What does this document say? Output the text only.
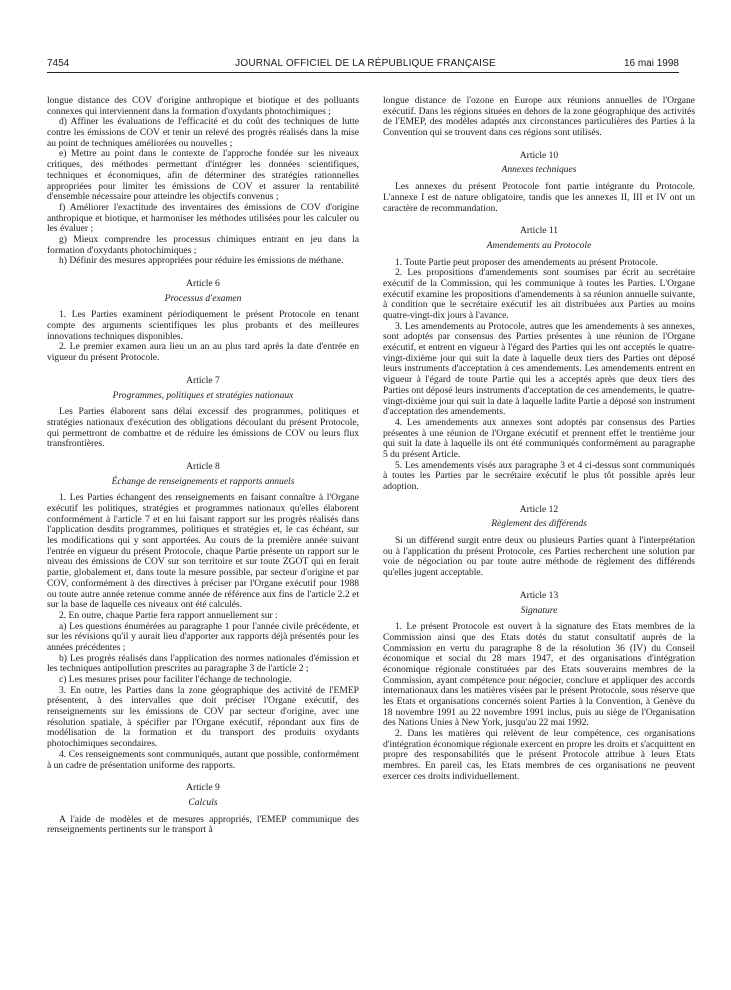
7454	JOURNAL OFFICIEL DE LA RÉPUBLIQUE FRANÇAISE	16 mai 1998

longue distance des COV d'origine anthropique et biotique et des polluants connexes qui interviennent dans la formation d'oxydants photochimiques ;

d) Affiner les évaluations de l'efficacité et du coût des techniques de lutte contre les émissions de COV et tenir un relevé des progrès réalisés dans la mise au point de techniques améliorées ou nouvelles ;

e) Mettre au point dans le contexte de l'approche fondée sur les niveaux critiques, des méthodes permettant d'intégrer les données scientifiques, techniques et économiques, afin de déterminer des stratégies rationnelles appropriées pour limiter les émissions de COV et assurer la rentabilité d'ensemble nécessaire pour atteindre les objectifs convenus ;

f) Améliorer l'exactitude des inventaires des émissions de COV d'origine anthropique et biotique, et harmoniser les méthodes utilisées pour les calculer ou les évaluer ;

g) Mieux comprendre les processus chimiques entrant en jeu dans la formation d'oxydants photochimiques ;

h) Définir des mesures appropriées pour réduire les émissions de méthane.

Article 6
Processus d'examen

1. Les Parties examinent périodiquement le présent Protocole en tenant compte des arguments scientifiques les plus probants et des meilleures innovations techniques disponibles.

2. Le premier examen aura lieu un an au plus tard après la date d'entrée en vigueur du présent Protocole.

Article 7
Programmes, politiques et stratégies nationaux

Les Parties élaborent sans délai excessif des programmes, politiques et stratégies nationaux d'exécution des obligations découlant du présent Protocole, qui permettront de combattre et de réduire les émissions de COV ou leurs flux transfrontières.

Article 8
Échange de renseignements et rapports annuels

1. Les Parties échangent des renseignements en faisant connaître à l'Organe exécutif les politiques, stratégies et programmes nationaux qu'elles élaborent conformément à l'article 7 et en lui faisant rapport sur les progrès réalisés dans l'application desdits programmes, politiques et stratégies et, le cas échéant, sur les modifications qui y sont apportées. Au cours de la première année suivant l'entrée en vigueur du présent Protocole, chaque Partie présente un rapport sur le niveau des émissions de COV sur son territoire et sur toute ZGOT qui en ferait partie, globalement et, dans toute la mesure possible, par secteur d'origine et par COV, conformément à des directives à préciser par l'Organe exécutif pour 1988 ou toute autre année retenue comme année de référence aux fins de l'article 2.2 et sur la base de laquelle ces niveaux ont été calculés.

2. En outre, chaque Partie fera rapport annuellement sur :

a) Les questions énumérées au paragraphe 1 pour l'année civile précédente, et sur les révisions qu'il y aurait lieu d'apporter aux rapports déjà présentés pour les années précédentes ;

b) Les progrès réalisés dans l'application des normes nationales d'émission et les techniques antipollution prescrites au paragraphe 3 de l'article 2 ;

c) Les mesures prises pour faciliter l'échange de technologie.

3. En outre, les Parties dans la zone géographique des activité de l'EMEP présentent, à des intervalles que doit préciser l'Organe exécutif, des renseignements sur les émissions de COV par secteur d'origine, avec une résolution spatiale, à spécifier par l'Organe exécutif, répondant aux fins de modélisation de la formation et du transport des produits oxydants photochimiques secondaires.

4. Ces renseignements sont communiqués, autant que possible, conformément à un cadre de présentation uniforme des rapports.

Article 9
Calculs

A l'aide de modèles et de mesures appropriés, l'EMEP communique des renseignements pertinents sur le transport à

longue distance de l'ozone en Europe aux réunions annuelles de l'Organe exécutif. Dans les régions situées en dehors de la zone géographique des activités de l'EMEP, des modèles adaptés aux circonstances particulières des Parties à la Convention qui se trouvent dans ces régions sont utilisés.

Article 10
Annexes techniques

Les annexes du présent Protocole font partie intégrante du Protocole. L'annexe I est de nature obligatoire, tandis que les annexes II, III et IV ont un caractère de recommandation.

Article 11
Amendements au Protocole

1. Toute Partie peut proposer des amendements au présent Protocole.

2. Les propositions d'amendements sont soumises par écrit au secrétaire exécutif de la Commission, qui les communique à toutes les Parties. L'Organe exécutif examine les propositions d'amendements à sa réunion annuelle suivante, à condition que le secrétaire exécutif les ait distribuées aux Parties au moins quatre-vingt-dix jours à l'avance.

3. Les amendements au Protocole, autres que les amendements à ses annexes, sont adoptés par consensus des Parties présentes à une réunion de l'Organe exécutif, et entrent en vigueur à l'égard des Parties qui les ont acceptés le quatre-vingt-dixième jour qui suit la date à laquelle deux tiers des Parties ont déposé leurs instruments d'acceptation à ces amendements. Les amendements entrent en vigueur à l'égard de toute Partie qui les a acceptés après que deux tiers des Parties ont déposé leurs instruments d'acceptation de ces amendements, le quatre-vingt-dixième jour qui suit la date à laquelle ladite Partie a déposé son instrument d'acceptation des amendements.

4. Les amendements aux annexes sont adoptés par consensus des Parties présentes à une réunion de l'Organe exécutif et prennent effet le trentième jour qui suit la date à laquelle ils ont été communiqués conformément au paragraphe 5 du présent Article.

5. Les amendements visés aux paragraphe 3 et 4 ci-dessus sont communiqués à toutes les Parties par le secrétaire exécutif le plus tôt possible après leur adoption.

Article 12
Règlement des différends

Si un différend surgit entre deux ou plusieurs Parties quant à l'interprétation ou à l'application du présent Protocole, ces Parties recherchent une solution par voie de négociation ou par toute autre méthode de règlement des différends qu'elles jugent acceptable.

Article 13
Signature

1. Le présent Protocole est ouvert à la signature des Etats membres de la Commission ainsi que des Etats dotés du statut consultatif auprès de la Commission en vertu du paragraphe 8 de la résolution 36 (IV) du Conseil économique et social du 28 mars 1947, et des organisations d'intégration économique régionale constituées par des Etats souverains membres de la Commission, ayant compétence pour négocier, conclure et appliquer des accords internationaux dans les matières visées par le présent Protocole, sous réserve que les Etats et organisations concernés soient Parties à la Convention, à Genève du 18 novembre 1991 au 22 novembre 1991 inclus, puis au siège de l'Organisation des Nations Unies à New York, jusqu'au 22 mai 1992.

2. Dans les matières qui relèvent de leur compétence, ces organisations d'intégration économique régionale exercent en propre les droits et s'acquittent en propre des responsabilités que le présent Protocole attribue à leurs Etats membres. En pareil cas, les Etats membres de ces organisations ne peuvent exercer ces droits individuellement.
